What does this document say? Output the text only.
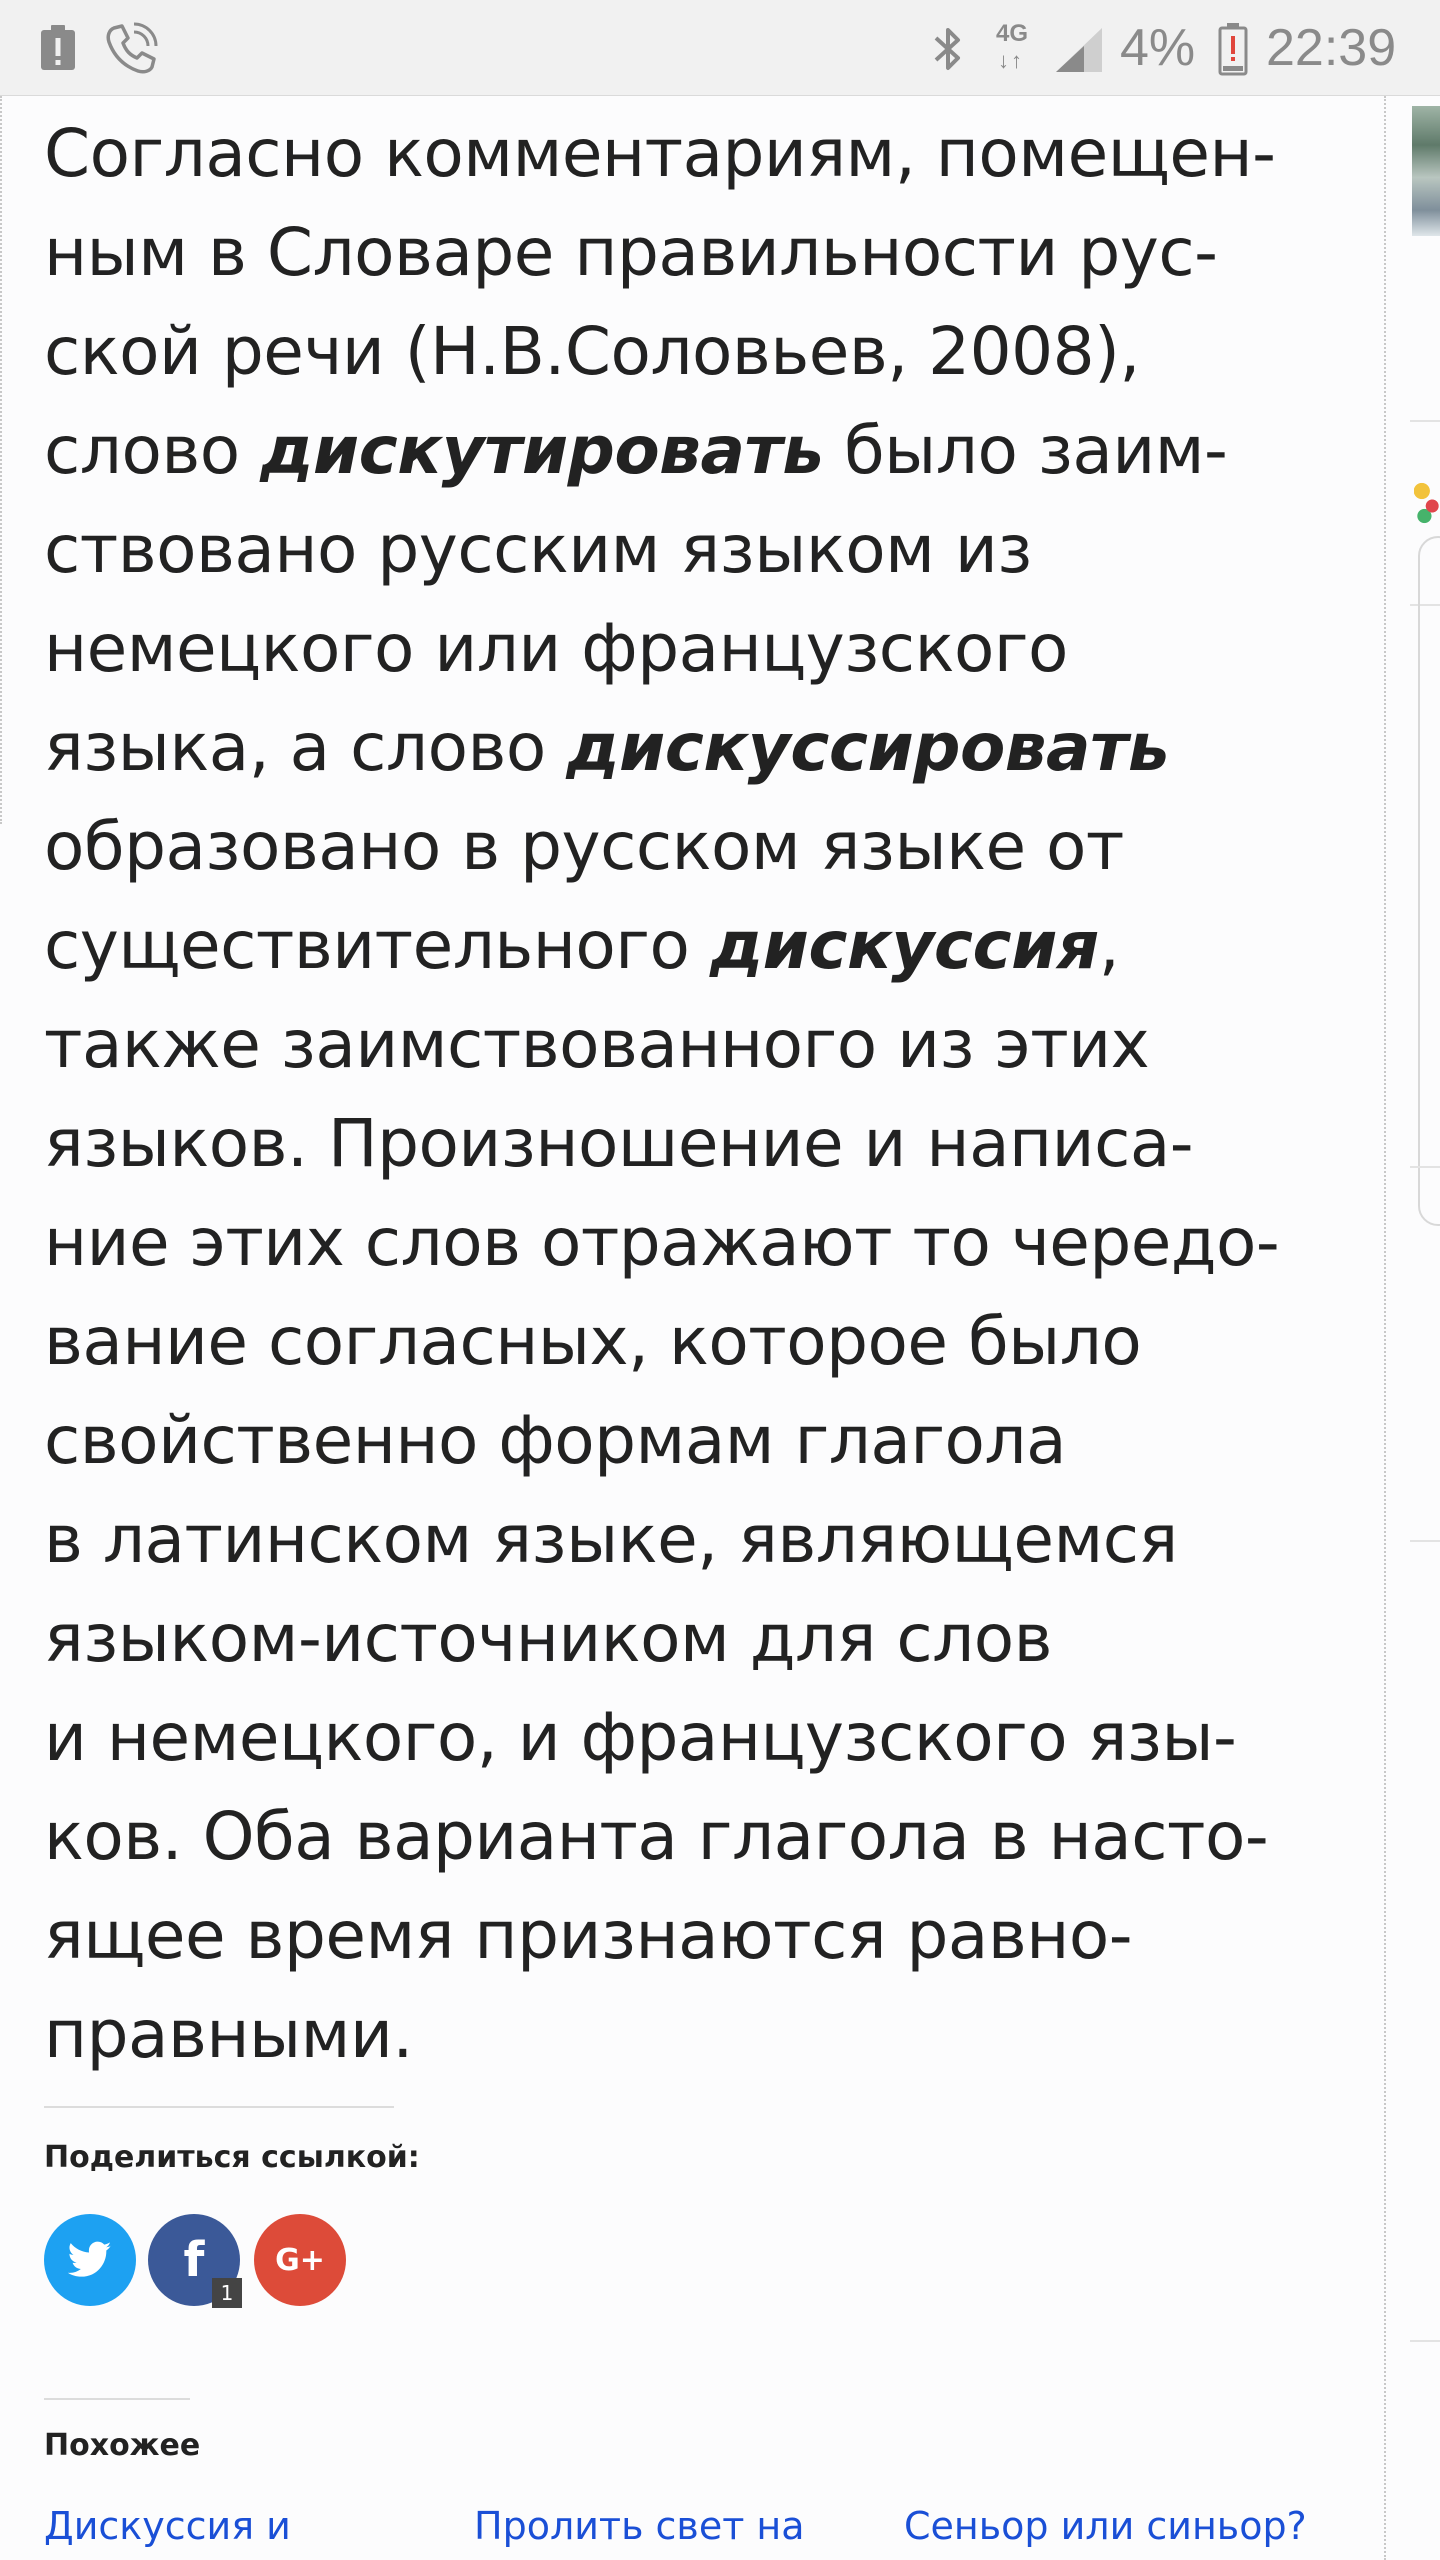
4G
↓↑ 4% 22:39

Согласно комментариям, помещен-
ным в Словаре правильности рус-
ской речи (Н.В.Соловьев, 2008),
слово дискутировать было заим-
ствовано русским языком из
немецкого или французского
языка, а слово дискуссировать
образовано в русском языке от
существительного дискуссия,
также заимствованного из этих
языков. Произношение и написа-
ние этих слов отражают то чередо-
вание согласных, которое было
свойственно формам глагола
в латинском языке, являющемся
языком-источником для слов
и немецкого, и французского язы-
ков. Оба варианта глагола в насто-
ящее время признаются равно-
правными.

Поделиться ссылкой:
f
1
G+
Похожее
Дискуссия и	Пролить свет на	Сеньор или синьор?
